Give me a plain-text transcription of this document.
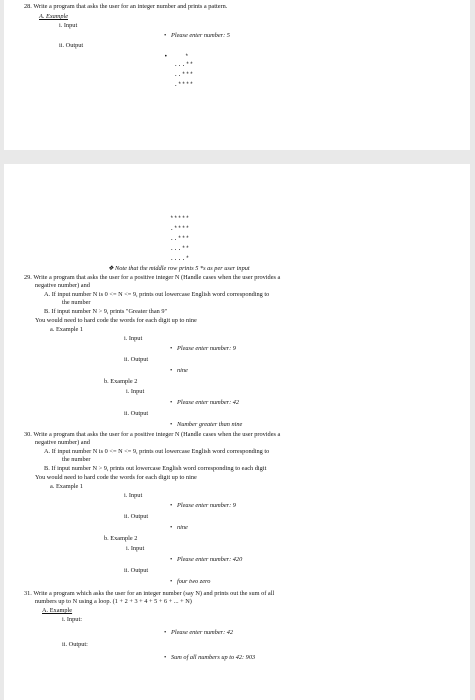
28. Write a program that asks the user for an integer number and prints a pattern.
A. Example
i. Input
• Please enter number: 5
ii. Output
•	*
...**
..***
.****
*****
.****
..***
...**
....*
❖Note that the middle row prints 5 *s as per user input
29. Write a program that asks the user for a positive integer N (Handle cases when the user provides a
negative number) and
A. If input number N is 0 <= N <= 9, prints out lowercase English word corresponding to
the number
B. If input number N > 9, prints "Greater than 9"
You would need to hard code the words for each digit up to nine
a. Example 1
i. Input
• Please enter number: 9
ii. Output
• nine
b. Example 2
i. Input
• Please enter number: 42
ii. Output
• Number greater than nine
30. Write a program that asks the user for a positive integer N (Handle cases when the user provides a
negative number) and
A. If input number N is 0 <= N <= 9, prints out lowercase English word corresponding to
the number
B. If input number N > 9, prints out lowercase English word corresponding to each digit
You would need to hard code the words for each digit up to nine
a. Example 1
i. Input
• Please enter number: 9
ii. Output
• nine
b. Example 2
i. Input
• Please enter number: 420
ii. Output
• four two zero
31. Write a program which asks the user for an integer number (say N) and prints out the sum of all
numbers up to N using a loop. (1 + 2 + 3 + 4 + 5 + 6 + ... + N)
A. Example
i. Input:
• Please enter number: 42
ii. Output:
• Sum of all numbers up to 42: 903
